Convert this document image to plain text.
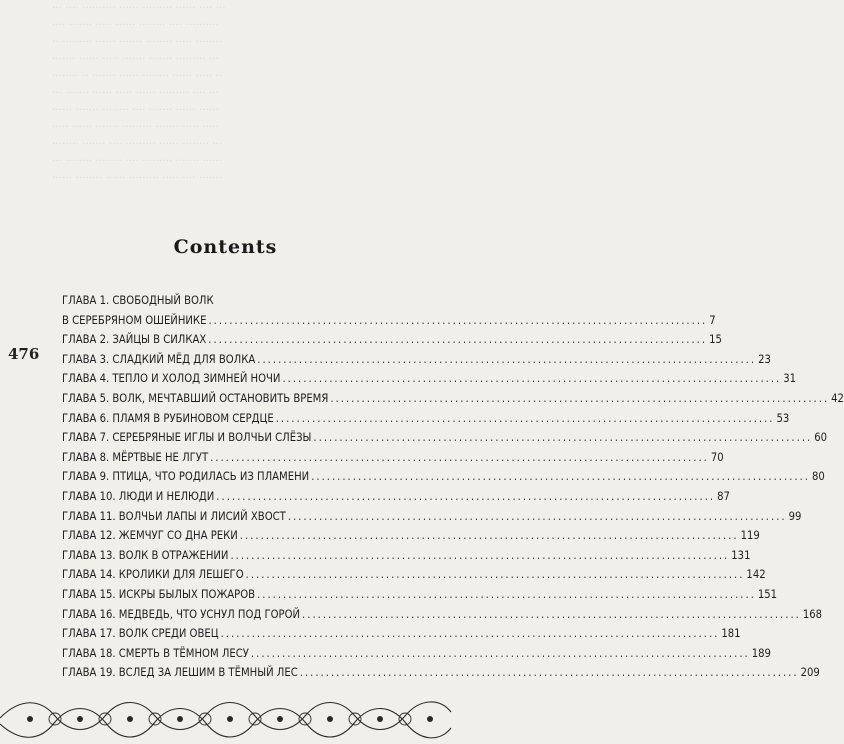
··· ···· ·········· ······ ········· ······ ···· ···
···· ······· ····· ······ ········ ···· ··········
·· ········· ······ ······· ········ ····· ········
······· ······ ····· ······· ······· ········· ···
········ ·· ······· ······ ········ ······ ····· ··
··· ······· ······ ····· ······ ········· ···· ···
······ ······· ········ ···· ······· ······ ······
····· ······ ······· ········· ······· ····· ·····
········ ······· ···· ········· ······ ········ ···
··· ········ ········ ···· ········· ······· ······
······ ········ ······ ········· ····· ···· ·······
Contents
476
ГЛАВА 1. СВОБОДНЫЙ ВОЛК
В СЕРЕБРЯНОМ ОШЕЙНИКЕ .....	7
ГЛАВА 2. ЗАЙЦЫ В СИЛКАХ .....	15
ГЛАВА 3. СЛАДКИЙ МЁД ДЛЯ ВОЛКА .....	23
ГЛАВА 4. ТЕПЛО И ХОЛОД ЗИМНЕЙ НОЧИ .....	31
ГЛАВА 5. ВОЛК, МЕЧТАВШИЙ ОСТАНОВИТЬ ВРЕМЯ .....	42
ГЛАВА 6. ПЛАМЯ В РУБИНОВОМ СЕРДЦЕ .....	53
ГЛАВА 7. СЕРЕБРЯНЫЕ ИГЛЫ И ВОЛЧЬИ СЛЁЗЫ .....	60
ГЛАВА 8. МЁРТВЫЕ НЕ ЛГУТ .....	70
ГЛАВА 9. ПТИЦА, ЧТО РОДИЛАСЬ ИЗ ПЛАМЕНИ .....	80
ГЛАВА 10. ЛЮДИ И НЕЛЮДИ .....	87
ГЛАВА 11. ВОЛЧЬИ ЛАПЫ И ЛИСИЙ ХВОСТ .....	99
ГЛАВА 12. ЖЕМЧУГ СО ДНА РЕКИ .....	119
ГЛАВА 13. ВОЛК В ОТРАЖЕНИИ .....	131
ГЛАВА 14. КРОЛИКИ ДЛЯ ЛЕШЕГО .....	142
ГЛАВА 15. ИСКРЫ БЫЛЫХ ПОЖАРОВ .....	151
ГЛАВА 16. МЕДВЕДЬ, ЧТО УСНУЛ ПОД ГОРОЙ .....	168
ГЛАВА 17. ВОЛК СРЕДИ ОВЕЦ .....	181
ГЛАВА 18. СМЕРТЬ В ТЁМНОМ ЛЕСУ .....	189
ГЛАВА 19. ВСЛЕД ЗА ЛЕШИМ В ТЁМНЫЙ ЛЕС .....	209
